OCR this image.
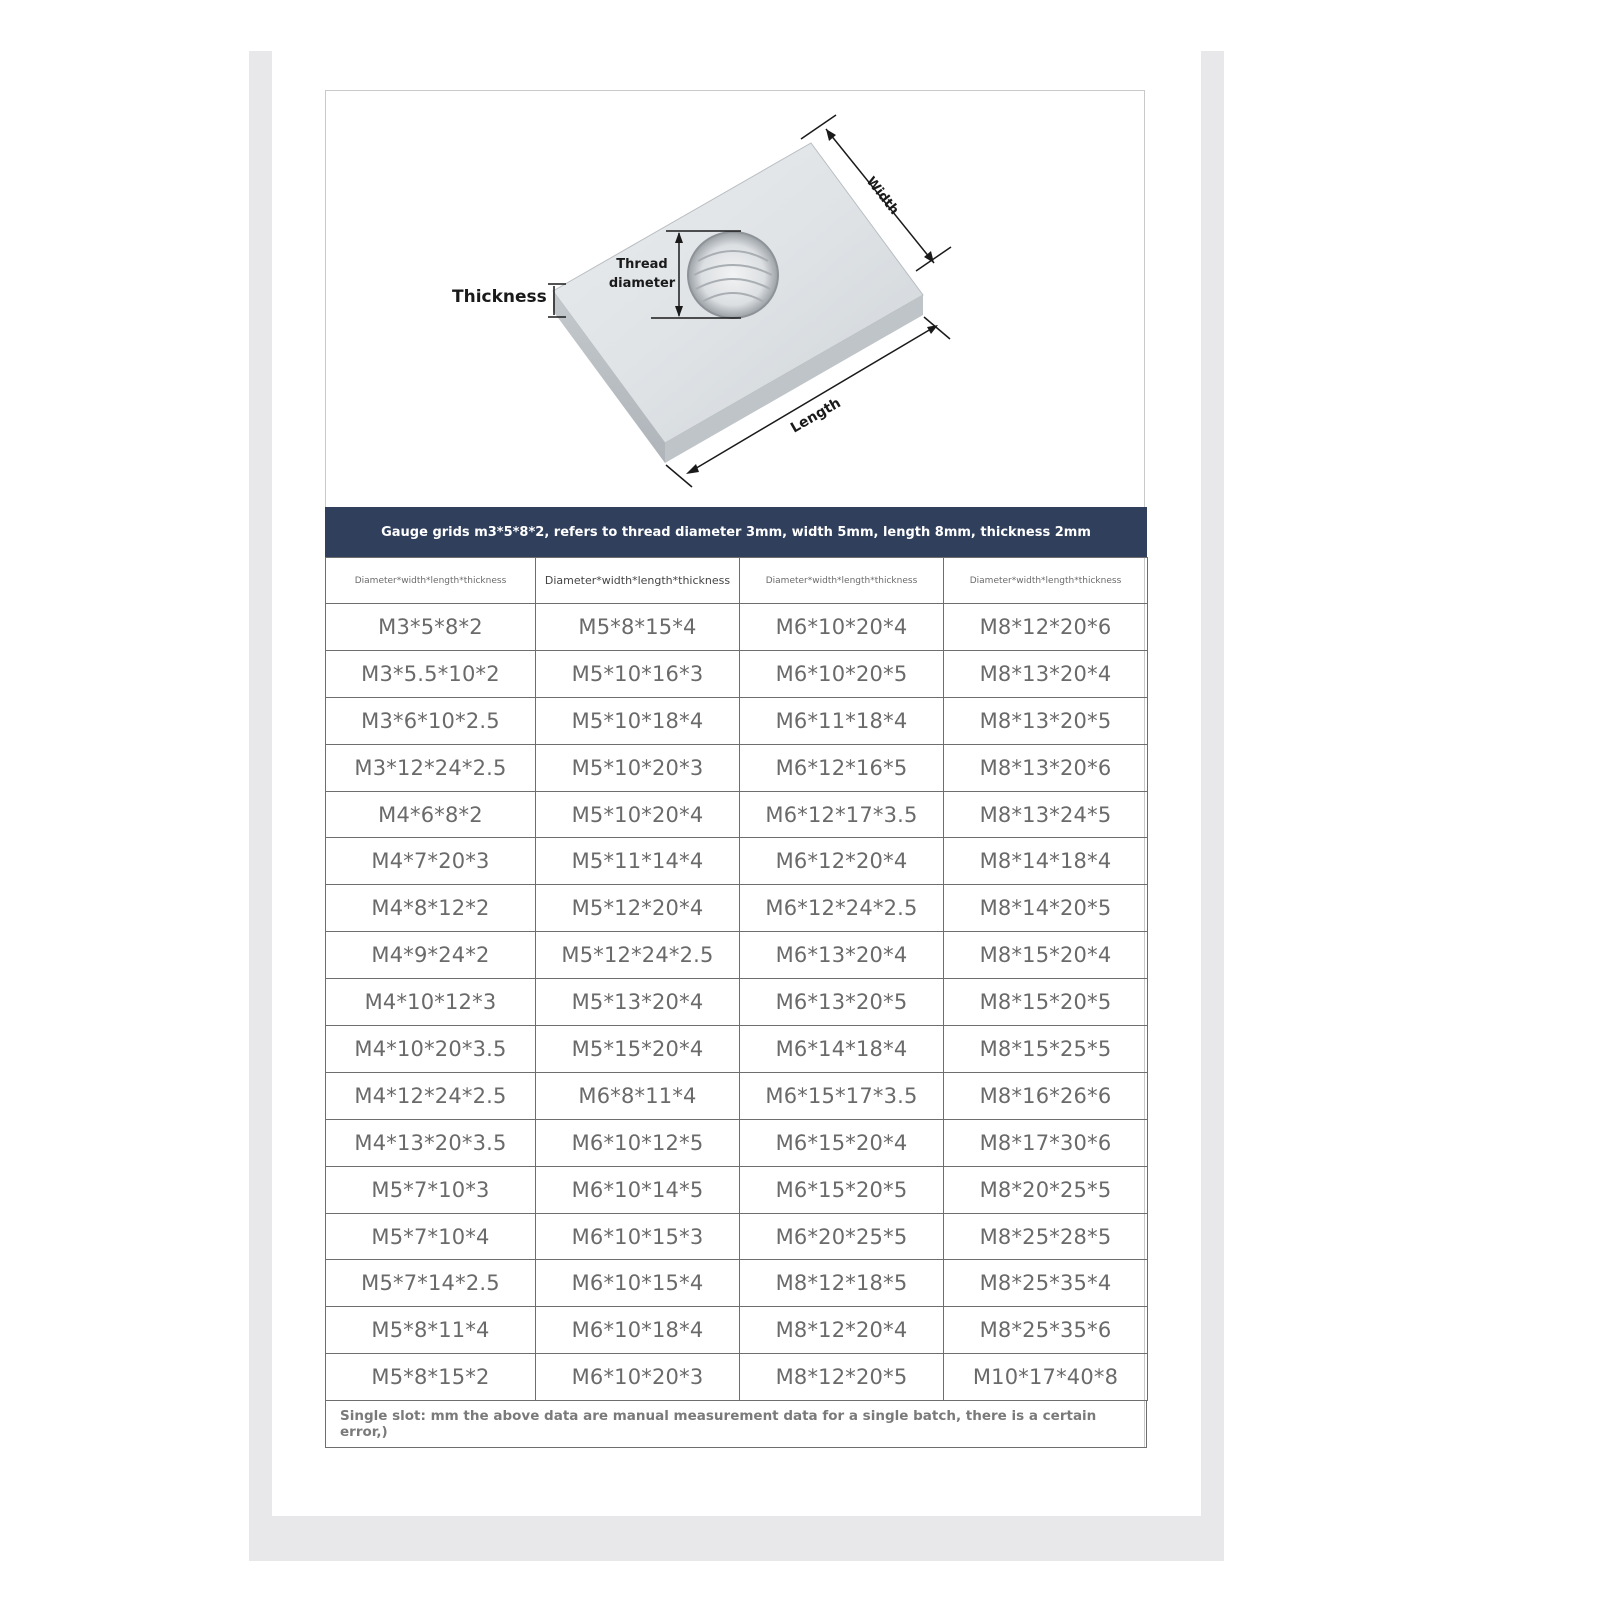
Width
Thread
diameter
Thickness
Length
Gauge grids m3*5*8*2, refers to thread diameter 3mm, width 5mm, length 8mm, thickness 2mm
Diameter*width*length*thickness	Diameter*width*length*thickness	Diameter*width*length*thickness	Diameter*width*length*thickness
M3*5*8*2	M5*8*15*4	M6*10*20*4	M8*12*20*6
M3*5.5*10*2	M5*10*16*3	M6*10*20*5	M8*13*20*4
M3*6*10*2.5	M5*10*18*4	M6*11*18*4	M8*13*20*5
M3*12*24*2.5	M5*10*20*3	M6*12*16*5	M8*13*20*6
M4*6*8*2	M5*10*20*4	M6*12*17*3.5	M8*13*24*5
M4*7*20*3	M5*11*14*4	M6*12*20*4	M8*14*18*4
M4*8*12*2	M5*12*20*4	M6*12*24*2.5	M8*14*20*5
M4*9*24*2	M5*12*24*2.5	M6*13*20*4	M8*15*20*4
M4*10*12*3	M5*13*20*4	M6*13*20*5	M8*15*20*5
M4*10*20*3.5	M5*15*20*4	M6*14*18*4	M8*15*25*5
M4*12*24*2.5	M6*8*11*4	M6*15*17*3.5	M8*16*26*6
M4*13*20*3.5	M6*10*12*5	M6*15*20*4	M8*17*30*6
M5*7*10*3	M6*10*14*5	M6*15*20*5	M8*20*25*5
M5*7*10*4	M6*10*15*3	M6*20*25*5	M8*25*28*5
M5*7*14*2.5	M6*10*15*4	M8*12*18*5	M8*25*35*4
M5*8*11*4	M6*10*18*4	M8*12*20*4	M8*25*35*6
M5*8*15*2	M6*10*20*3	M8*12*20*5	M10*17*40*8
Single slot: mm the above data are manual measurement data for a single batch, there is a certain error,)
